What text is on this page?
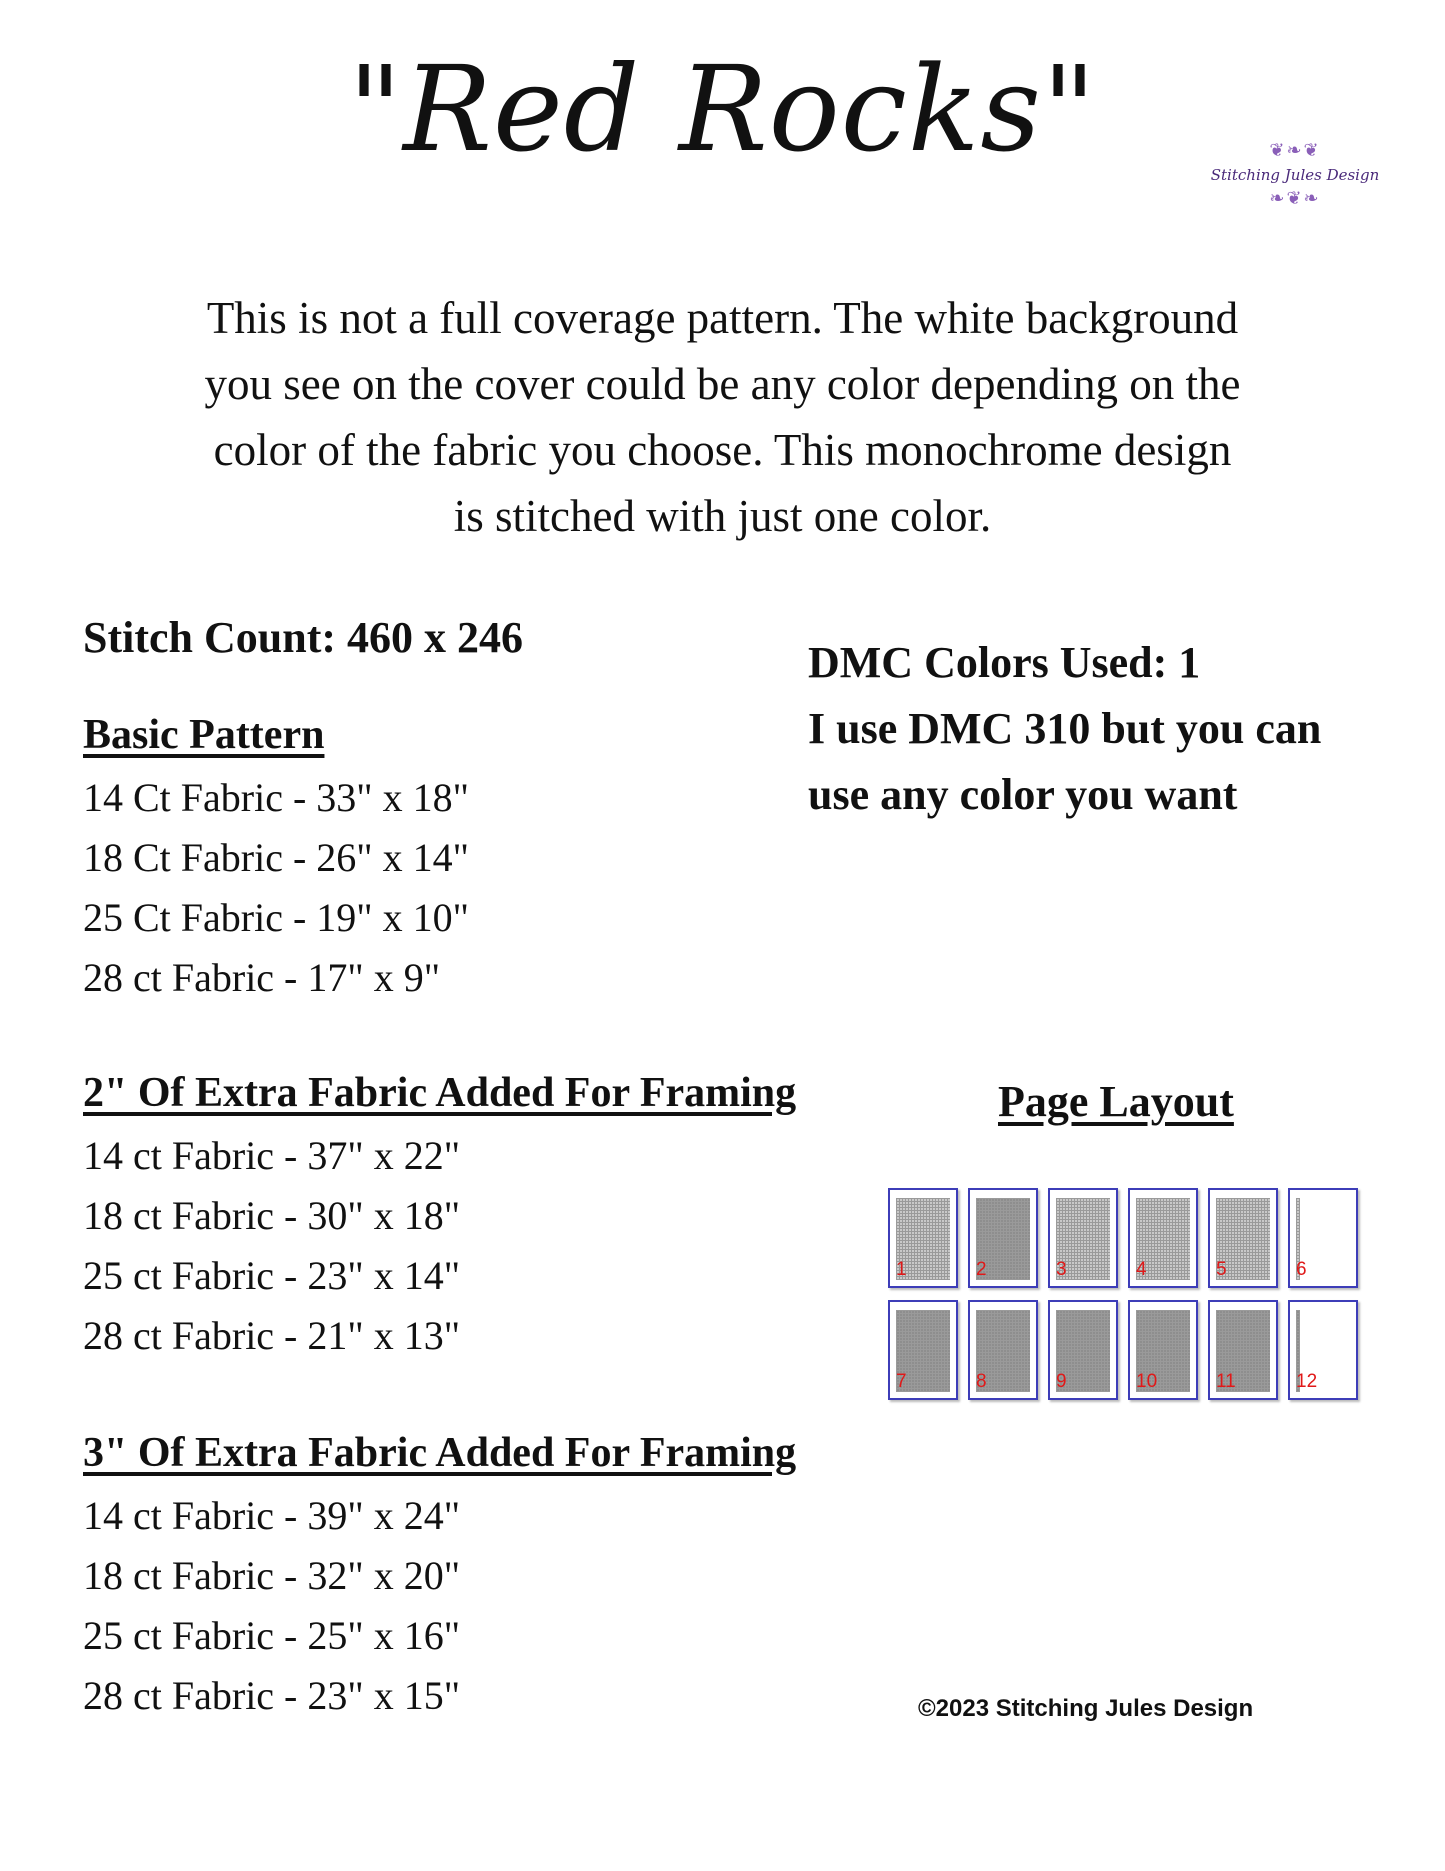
"Red Rocks"	❦❧❦
Stitching Jules Design
❧❦❧
This is not a full coverage pattern. The white background
you see on the cover could be any color depending on the
color of the fabric you choose. This monochrome design
is stitched with just one color.
Stitch Count: 460 x 246
DMC Colors Used: 1
I use DMC 310 but you can
use any color you want
Basic Pattern
14 Ct Fabric - 33" x 18"
18 Ct Fabric - 26" x 14"
25 Ct Fabric - 19" x 10"
28 ct Fabric - 17" x 9"
2" Of Extra Fabric Added For Framing
14 ct Fabric - 37" x 22"
18 ct Fabric - 30" x 18"
25 ct Fabric - 23" x 14"
28 ct Fabric - 21" x 13"
3" Of Extra Fabric Added For Framing
14 ct Fabric - 39" x 24"
18 ct Fabric - 32" x 20"
25 ct Fabric - 25" x 16"
28 ct Fabric - 23" x 15"
Page Layout
1	2	3	4	5	6
7	8	9	10	11	12
©2023 Stitching Jules Design
